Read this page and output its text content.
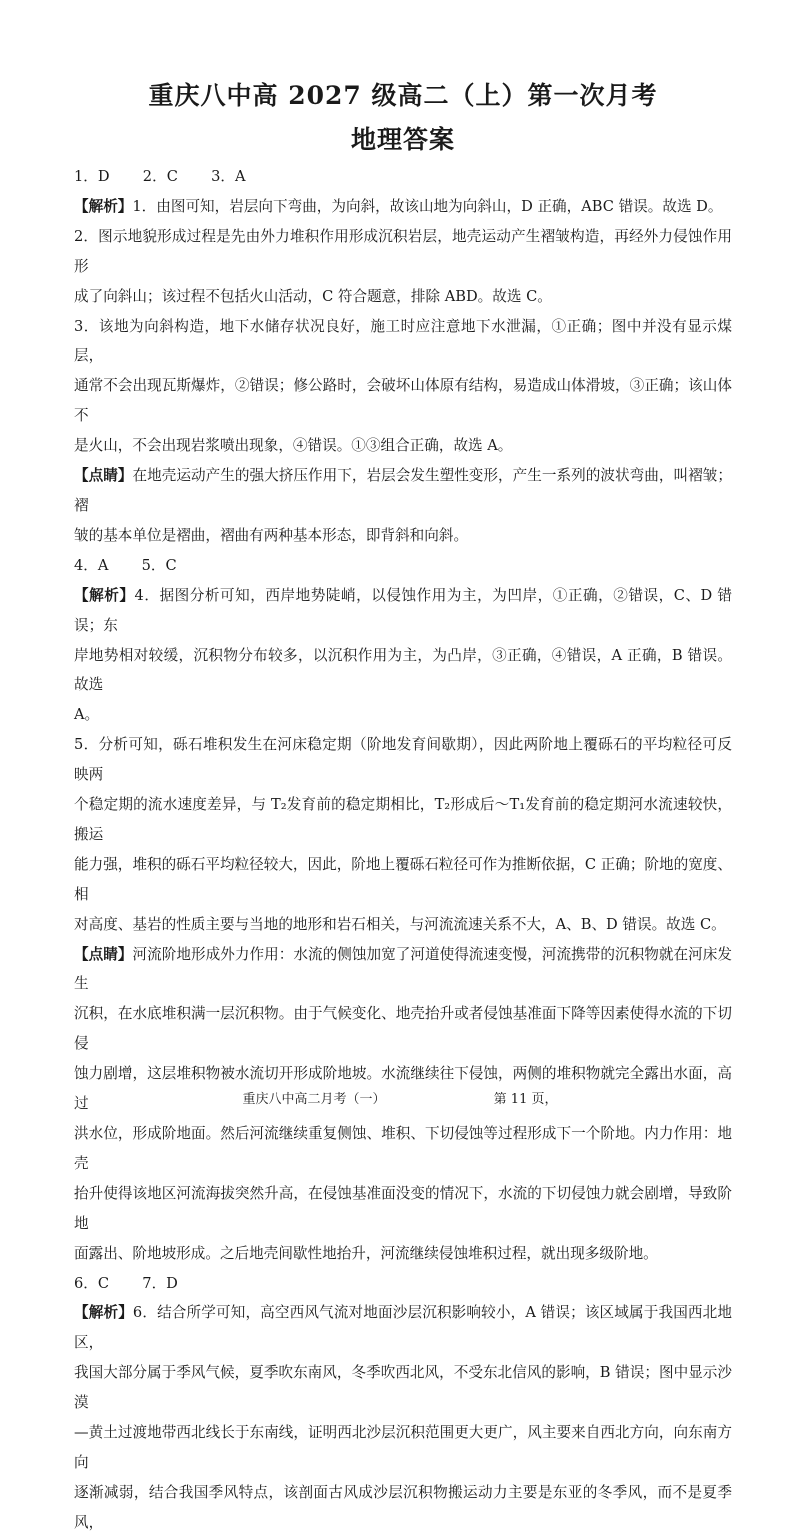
重庆八中高 2027 级高二（上）第一次月考
地理答案

1．D　 2．C　 3．A

【解析】1．由图可知，岩层向下弯曲，为向斜，故该山地为向斜山，D 正确，ABC 错误。故选 D。

2．图示地貌形成过程是先由外力堆积作用形成沉积岩层，地壳运动产生褶皱构造，再经外力侵蚀作用形

成了向斜山；该过程不包括火山活动，C 符合题意，排除 ABD。故选 C。

3．该地为向斜构造，地下水储存状况良好，施工时应注意地下水泄漏，①正确；图中并没有显示煤层，

通常不会出现瓦斯爆炸，②错误；修公路时，会破坏山体原有结构，易造成山体滑坡，③正确；该山体不

是火山，不会出现岩浆喷出现象，④错误。①③组合正确，故选 A。

【点睛】在地壳运动产生的强大挤压作用下，岩层会发生塑性变形，产生一系列的波状弯曲，叫褶皱；褶

皱的基本单位是褶曲，褶曲有两种基本形态，即背斜和向斜。

4．A　 5．C

【解析】4．据图分析可知，西岸地势陡峭，以侵蚀作用为主，为凹岸，①正确，②错误，C、D 错误；东

岸地势相对较缓，沉积物分布较多，以沉积作用为主，为凸岸，③正确，④错误，A 正确，B 错误。故选

A。

5．分析可知，砾石堆积发生在河床稳定期（阶地发育间歇期），因此两阶地上覆砾石的平均粒径可反映两

个稳定期的流水速度差异，与 T₂发育前的稳定期相比，T₂形成后～T₁发育前的稳定期河水流速较快，搬运

能力强，堆积的砾石平均粒径较大，因此，阶地上覆砾石粒径可作为推断依据，C 正确；阶地的宽度、相

对高度、基岩的性质主要与当地的地形和岩石相关，与河流流速关系不大，A、B、D 错误。故选 C。

【点睛】河流阶地形成外力作用：水流的侧蚀加宽了河道使得流速变慢，河流携带的沉积物就在河床发生

沉积，在水底堆积满一层沉积物。由于气候变化、地壳抬升或者侵蚀基准面下降等因素使得水流的下切侵

蚀力剧增，这层堆积物被水流切开形成阶地坡。水流继续往下侵蚀，两侧的堆积物就完全露出水面，高过

洪水位，形成阶地面。然后河流继续重复侧蚀、堆积、下切侵蚀等过程形成下一个阶地。内力作用：地壳

抬升使得该地区河流海拔突然升高，在侵蚀基准面没变的情况下，水流的下切侵蚀力就会剧增，导致阶地

面露出、阶地坡形成。之后地壳间歇性地抬升，河流继续侵蚀堆积过程，就出现多级阶地。

6．C　 7．D

【解析】6．结合所学可知，高空西风气流对地面沙层沉积影响较小，A 错误；该区域属于我国西北地区，

我国大部分属于季风气候，夏季吹东南风，冬季吹西北风，不受东北信风的影响，B 错误；图中显示沙漠

—黄土过渡地带西北线长于东南线，证明西北沙层沉积范围更大更广，风主要来自西北方向，向东南方向

逐渐减弱，结合我国季风特点，该剖面古风成沙层沉积物搬运动力主要是东亚的冬季风，而不是夏季风，

重庆八中高二月考（一）	第 11 页，
